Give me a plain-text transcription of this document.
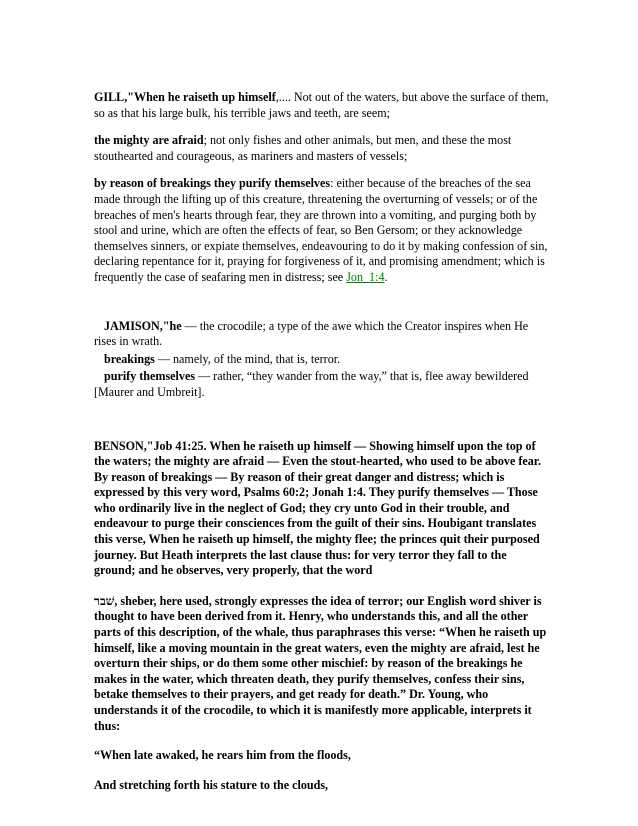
GILL,"When he raiseth up himself,.... Not out of the waters, but above the surface of them, so as that his large bulk, his terrible jaws and teeth, are seem;

the mighty are afraid; not only fishes and other animals, but men, and these the most stouthearted and courageous, as mariners and masters of vessels;

by reason of breakings they purify themselves: either because of the breaches of the sea made through the lifting up of this creature, threatening the overturning of vessels; or of the breaches of men's hearts through fear, they are thrown into a vomiting, and purging both by stool and urine, which are often the effects of fear, so Ben Gersom; or they acknowledge themselves sinners, or expiate themselves, endeavouring to do it by making confession of sin, declaring repentance for it, praying for forgiveness of it, and promising amendment; which is frequently the case of seafaring men in distress; see Jon_1:4.

JAMISON,"he — the crocodile; a type of the awe which the Creator inspires when He rises in wrath.

breakings — namely, of the mind, that is, terror.

purify themselves — rather, “they wander from the way,” that is, flee away bewildered [Maurer and Umbreit].

BENSON,"Job 41:25. When he raiseth up himself — Showing himself upon the top of the waters; the mighty are afraid — Even the stout-hearted, who used to be above fear. By reason of breakings — By reason of their great danger and distress; which is expressed by this very word, Psalms 60:2; Jonah 1:4. They purify themselves — Those who ordinarily live in the neglect of God; they cry unto God in their trouble, and endeavour to purge their consciences from the guilt of their sins. Houbigant translates this verse, When he raiseth up himself, the mighty flee; the princes quit their purposed journey. But Heath interprets the last clause thus: for very terror they fall to the ground; and he observes, very properly, that the word

שׁבר, sheber, here used, strongly expresses the idea of terror; our English word shiver is thought to have been derived from it. Henry, who understands this, and all the other parts of this description, of the whale, thus paraphrases this verse: “When he raiseth up himself, like a moving mountain in the great waters, even the mighty are afraid, lest he overturn their ships, or do them some other mischief: by reason of the breakings he makes in the water, which threaten death, they purify themselves, confess their sins, betake themselves to their prayers, and get ready for death.” Dr. Young, who understands it of the crocodile, to which it is manifestly more applicable, interprets it thus:

“When late awaked, he rears him from the floods,

And stretching forth his stature to the clouds,
